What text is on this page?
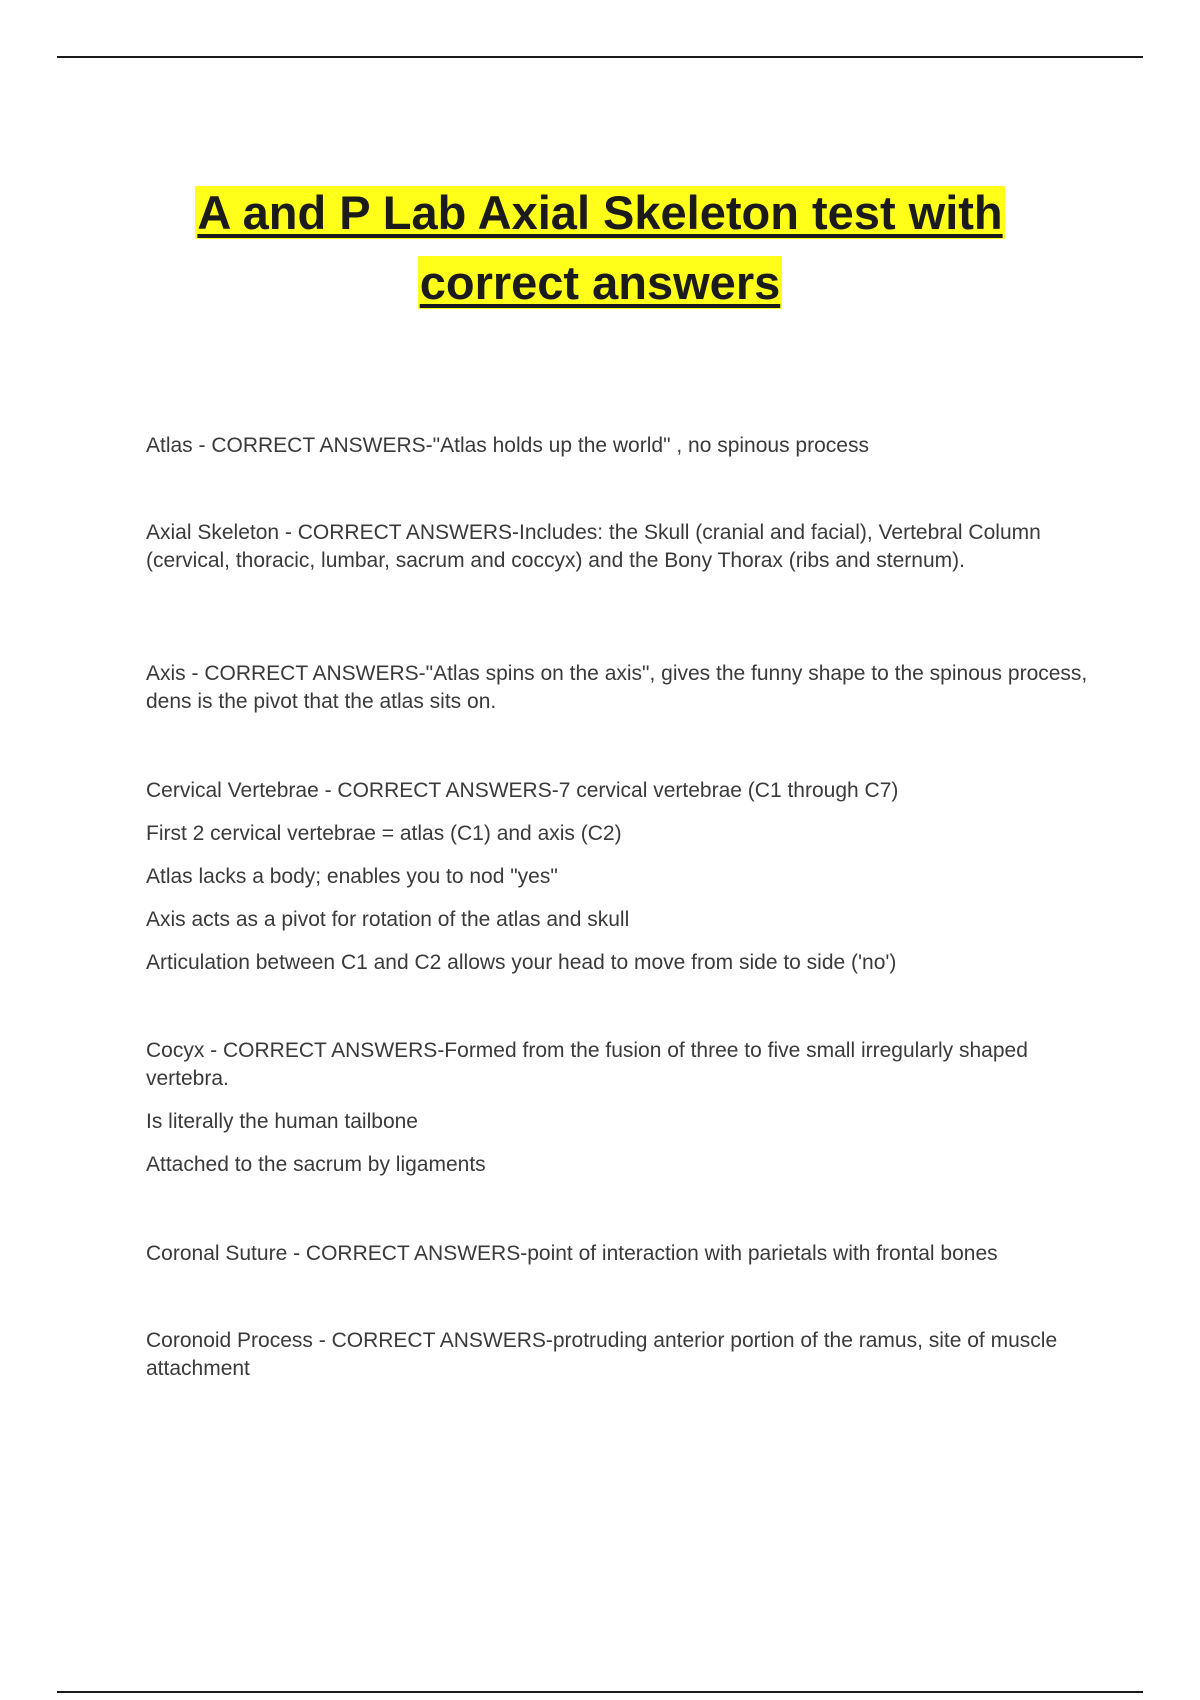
A and P Lab Axial Skeleton test with
correct answers

Atlas - CORRECT ANSWERS-"Atlas holds up the world" , no spinous process

Axial Skeleton - CORRECT ANSWERS-Includes: the Skull (cranial and facial), Vertebral Column (cervical, thoracic, lumbar, sacrum and coccyx) and the Bony Thorax (ribs and sternum).

Axis - CORRECT ANSWERS-"Atlas spins on the axis", gives the funny shape to the spinous process, dens is the pivot that the atlas sits on.

Cervical Vertebrae - CORRECT ANSWERS-7 cervical vertebrae (C1 through C7)

First 2 cervical vertebrae = atlas (C1) and axis (C2)

Atlas lacks a body; enables you to nod "yes"

Axis acts as a pivot for rotation of the atlas and skull

Articulation between C1 and C2 allows your head to move from side to side ('no')

Cocyx - CORRECT ANSWERS-Formed from the fusion of three to five small irregularly shaped vertebra.

Is literally the human tailbone

Attached to the sacrum by ligaments

Coronal Suture - CORRECT ANSWERS-point of interaction with parietals with frontal bones

Coronoid Process - CORRECT ANSWERS-protruding anterior portion of the ramus, site of muscle attachment
